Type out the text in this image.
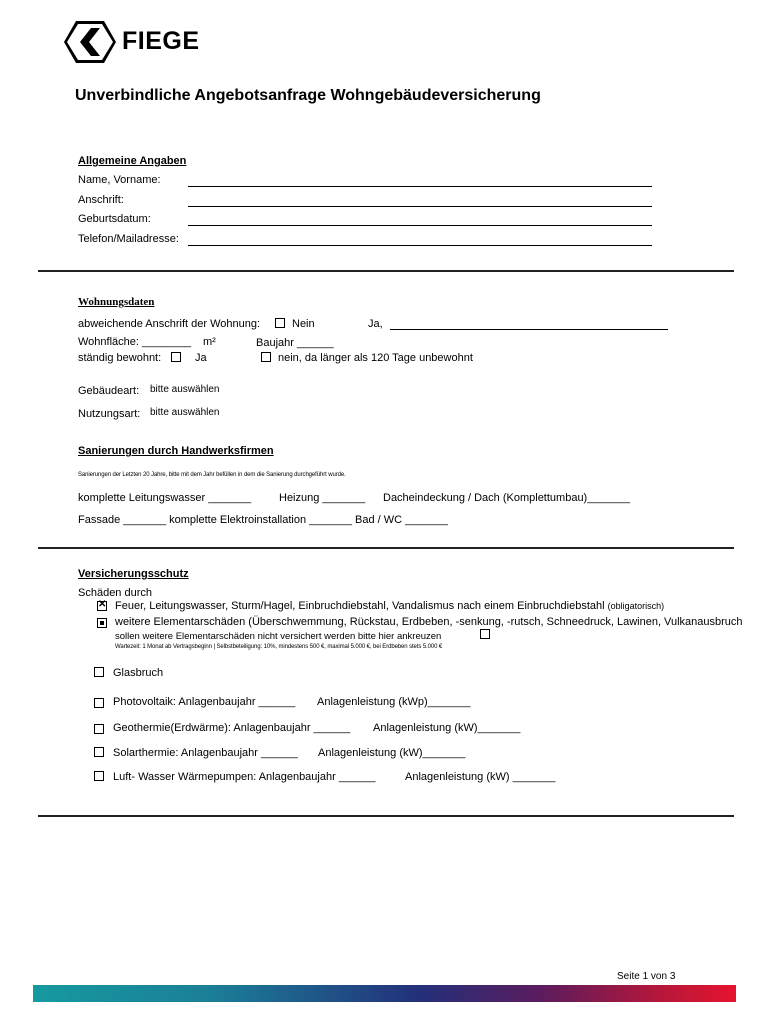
FIEGE
Unverbindliche Angebotsanfrage Wohngebäudeversicherung
Allgemeine Angaben
Name, Vorname:
Anschrift:
Geburtsdatum:
Telefon/Mailadresse:
Wohnungsdaten
abweichende Anschrift der Wohnung:	Nein	Ja,
Wohnfläche: ________ m²	Baujahr ______
ständig bewohnt:	Ja	nein, da länger als 120 Tage unbewohnt
Gebäudeart: bitte auswählen
Nutzungsart: bitte auswählen
Sanierungen durch Handwerksfirmen
Sanierungen der Letzten 20 Jahre, bitte mit dem Jahr befüllen in dem die Sanierung durchgeführt wurde.
komplette Leitungswasser _______	Heizung _______ Dacheindeckung / Dach (Komplettumbau)_______
Fassade _______ komplette Elektroinstallation _______ Bad / WC _______
Versicherungsschutz
Schäden durch
✕
Feuer, Leitungswasser, Sturm/Hagel, Einbruchdiebstahl, Vandalismus nach einem Einbruchdiebstahl (obligatorisch)
weitere Elementarschäden (Überschwemmung, Rückstau, Erdbeben, -senkung, -rutsch, Schneedruck, Lawinen, Vulkanausbruch
sollen weitere Elementarschäden nicht versichert werden bitte hier ankreuzen
Wartezeit: 1 Monat ab Vertragsbeginn | Selbstbeteiligung: 10%, mindestens 500 €, maximal 5.000 €, bei Erdbeben stets 5.000 €
Glasbruch
Photovoltaik: Anlagenbaujahr ______ Anlagenleistung (kWp)_______
Geothermie(Erdwärme): Anlagenbaujahr ______ Anlagenleistung (kW)_______
Solarthermie: Anlagenbaujahr ______ Anlagenleistung (kW)_______
Luft- Wasser Wärmepumpen: Anlagenbaujahr ______	Anlagenleistung (kW) _______
Seite 1 von 3
